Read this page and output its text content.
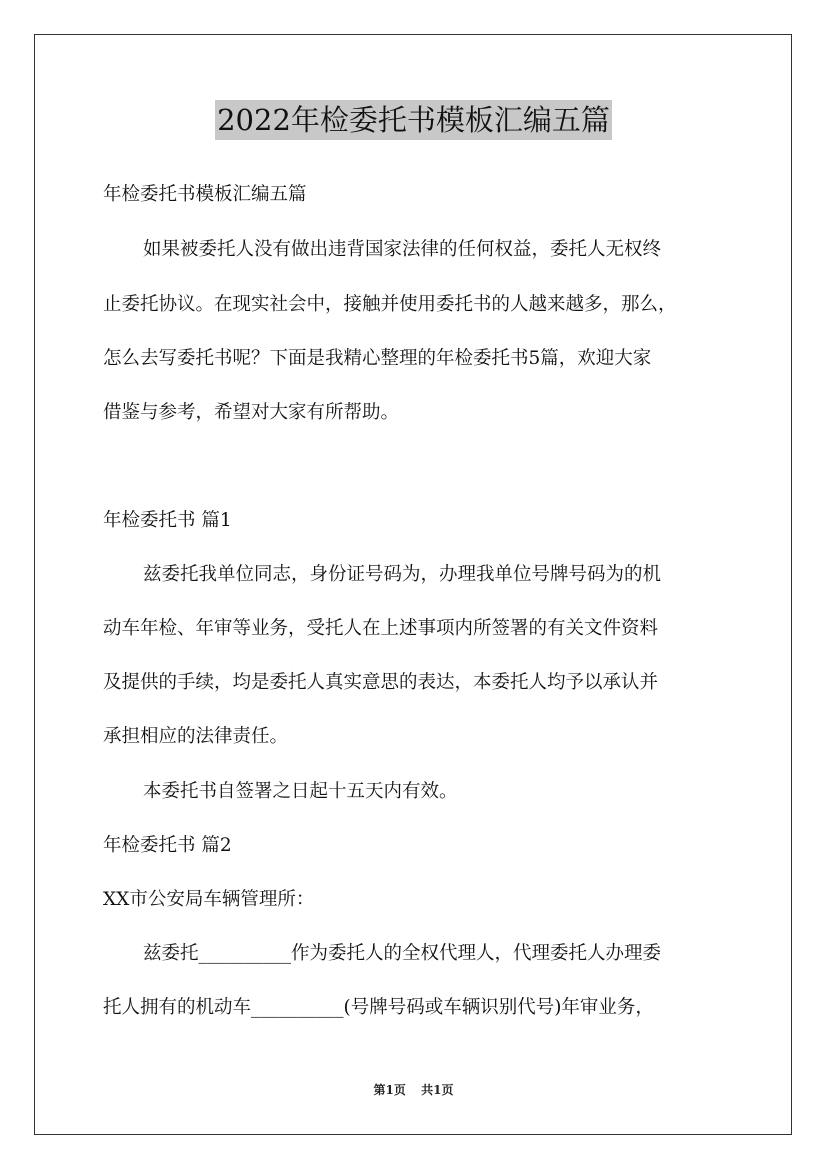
2022年检委托书模板汇编五篇
年检委托书模板汇编五篇
如果被委托人没有做出违背国家法律的任何权益，委托人无权终
止委托协议。在现实社会中，接触并使用委托书的人越来越多，那么，
怎么去写委托书呢？下面是我精心整理的年检委托书5篇，欢迎大家
借鉴与参考，希望对大家有所帮助。
年检委托书 篇1
兹委托我单位同志，身份证号码为，办理我单位号牌号码为的机
动车年检、年审等业务，受托人在上述事项内所签署的有关文件资料
及提供的手续，均是委托人真实意思的表达，本委托人均予以承认并
承担相应的法律责任。
本委托书自签署之日起十五天内有效。
年检委托书 篇2
XX市公安局车辆管理所：
兹委托__________作为委托人的全权代理人，代理委托人办理委
托人拥有的机动车__________(号牌号码或车辆识别代号)年审业务，
第1页 共1页
